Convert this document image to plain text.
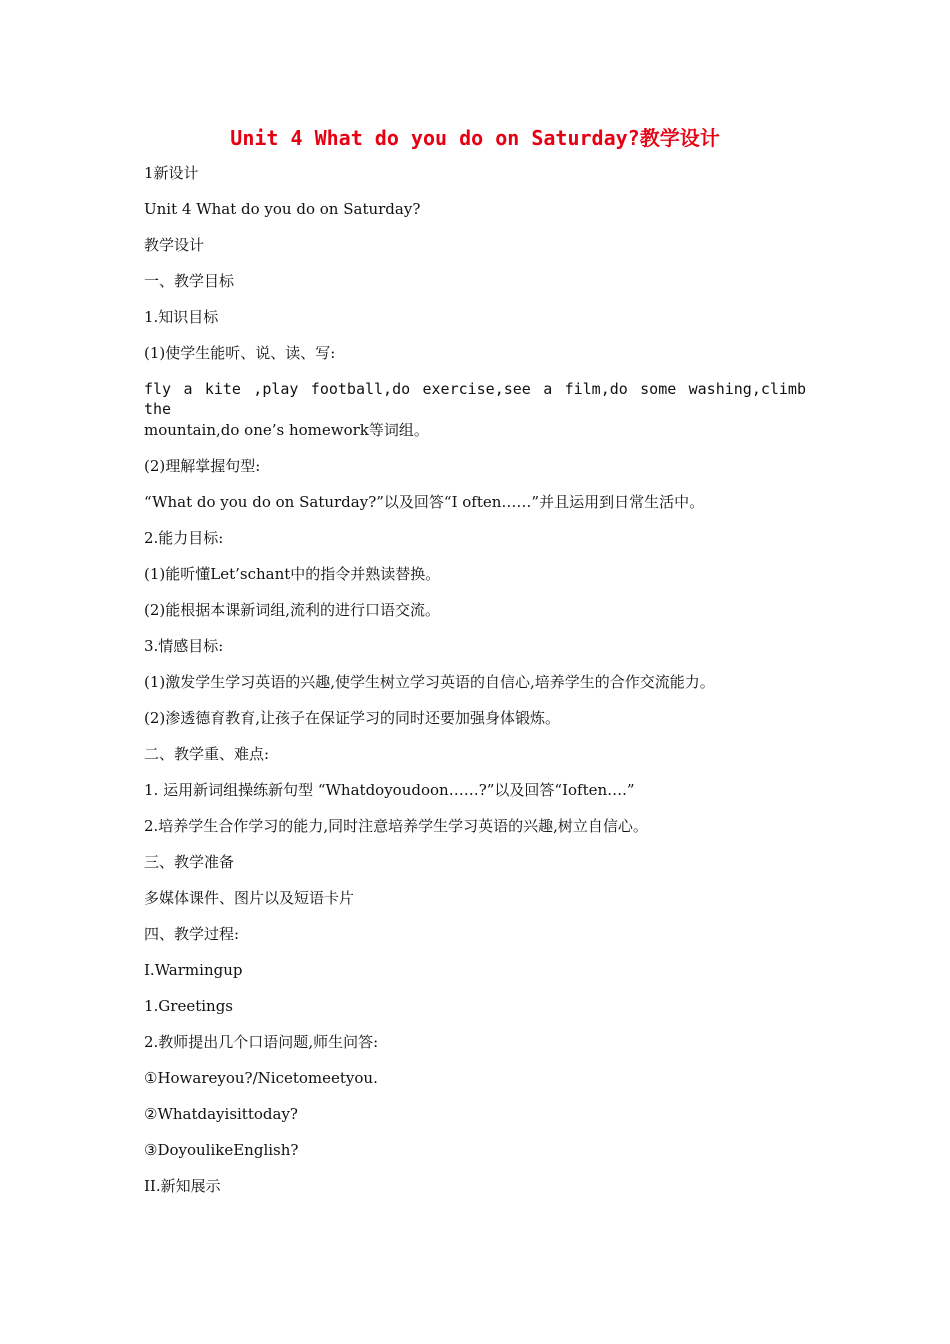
Unit 4 What do you do on Saturday?教学设计
1新设计
Unit 4 What do you do on Saturday?
教学设计
一、教学目标
1.知识目标
(1)使学生能听、说、读、写:
fly a kite ,play football,do exercise,see a film,do some washing,climb the
mountain,do one’s homework等词组。
(2)理解掌握句型:
“What do you do on Saturday?”以及回答“I often……”并且运用到日常生活中。
2.能力目标:
(1)能听懂Let’schant中的指令并熟读替换。
(2)能根据本课新词组,流利的进行口语交流。
3.情感目标:
(1)激发学生学习英语的兴趣,使学生树立学习英语的自信心,培养学生的合作交流能力。
(2)渗透德育教育,让孩子在保证学习的同时还要加强身体锻炼。
二、教学重、难点:
1. 运用新词组操练新句型 “Whatdoyoudoon……?”以及回答“Ioften….”
2.培养学生合作学习的能力,同时注意培养学生学习英语的兴趣,树立自信心。
三、教学准备
多媒体课件、图片以及短语卡片
四、教学过程:
I.Warmingup
1.Greetings
2.教师提出几个口语问题,师生问答:
①Howareyou?/Nicetomeetyou.
②Whatdayisittoday?
③DoyoulikeEnglish?
II.新知展示
